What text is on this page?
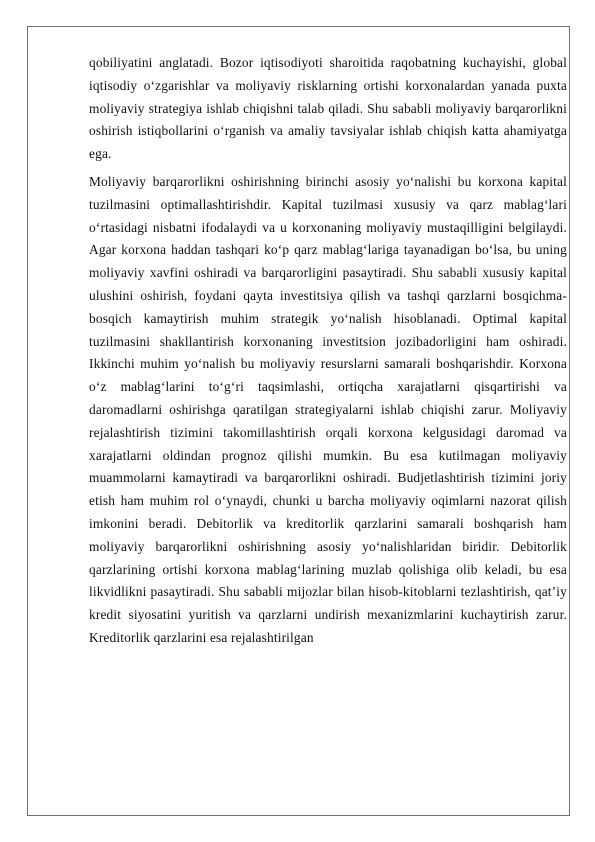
qobiliyatini anglatadi. Bozor iqtisodiyoti sharoitida raqobatning kuchayishi, global iqtisodiy o‘zgarishlar va moliyaviy risklarning ortishi korxonalardan yanada puxta moliyaviy strategiya ishlab chiqishni talab qiladi. Shu sababli moliyaviy barqarorlikni oshirish istiqbollarini o‘rganish va amaliy tavsiyalar ishlab chiqish katta ahamiyatga ega.

Moliyaviy barqarorlikni oshirishning birinchi asosiy yo‘nalishi bu korxona kapital tuzilmasini optimallashtirishdir. Kapital tuzilmasi xususiy va qarz mablag‘lari o‘rtasidagi nisbatni ifodalaydi va u korxonaning moliyaviy mustaqilligini belgilaydi. Agar korxona haddan tashqari ko‘p qarz mablag‘lariga tayanadigan bo‘lsa, bu uning moliyaviy xavfini oshiradi va barqarorligini pasaytiradi. Shu sababli xususiy kapital ulushini oshirish, foydani qayta investitsiya qilish va tashqi qarzlarni bosqichma-bosqich kamaytirish muhim strategik yo‘nalish hisoblanadi. Optimal kapital tuzilmasini shakllantirish korxonaning investitsion jozibadorligini ham oshiradi. Ikkinchi muhim yo‘nalish bu moliyaviy resurslarni samarali boshqarishdir. Korxona o‘z mablag‘larini to‘g‘ri taqsimlashi, ortiqcha xarajatlarni qisqartirishi va daromadlarni oshirishga qaratilgan strategiyalarni ishlab chiqishi zarur. Moliyaviy rejalashtirish tizimini takomillashtirish orqali korxona kelgusidagi daromad va xarajatlarni oldindan prognoz qilishi mumkin. Bu esa kutilmagan moliyaviy muammolarni kamaytiradi va barqarorlikni oshiradi. Budjetlashtirish tizimini joriy etish ham muhim rol o‘ynaydi, chunki u barcha moliyaviy oqimlarni nazorat qilish imkonini beradi. Debitorlik va kreditorlik qarzlarini samarali boshqarish ham moliyaviy barqarorlikni oshirishning asosiy yo‘nalishlaridan biridir. Debitorlik qarzlarining ortishi korxona mablag‘larining muzlab qolishiga olib keladi, bu esa likvidlikni pasaytiradi. Shu sababli mijozlar bilan hisob-kitoblarni tezlashtirish, qat’iy kredit siyosatini yuritish va qarzlarni undirish mexanizmlarini kuchaytirish zarur. Kreditorlik qarzlarini esa rejalashtirilgan
